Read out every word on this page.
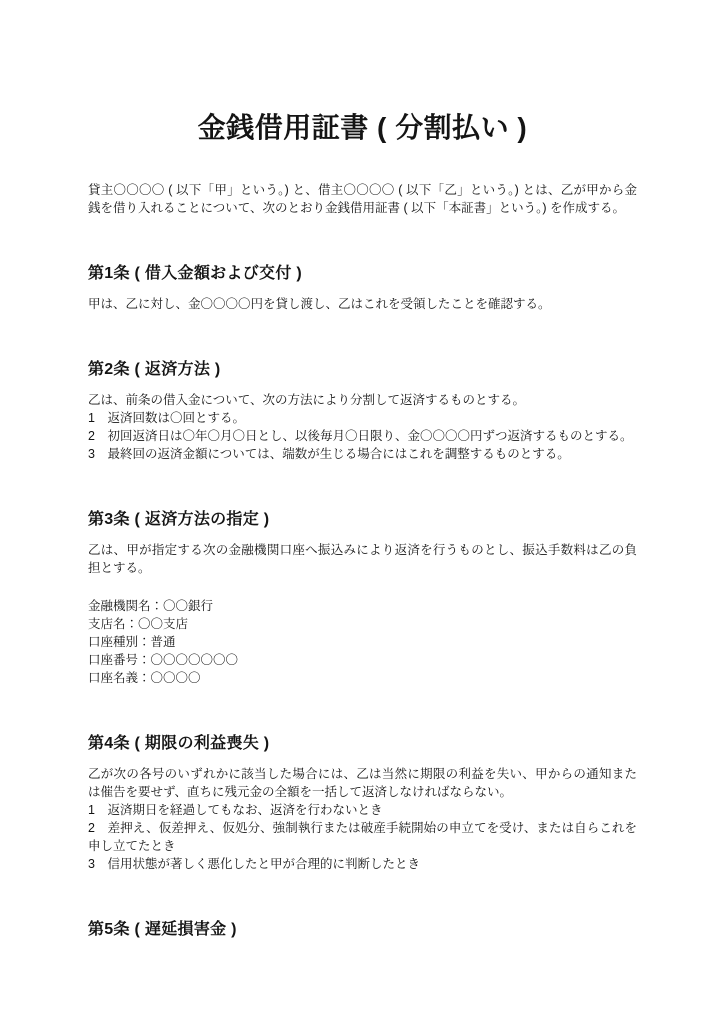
金銭借用証書 ( 分割払い )

貸主〇〇〇〇 ( 以下「甲」という。) と、借主〇〇〇〇 ( 以下「乙」という。) とは、乙が甲から金銭を借り入れることについて、次のとおり金銭借用証書 ( 以下「本証書」という。) を作成する。

第1条 ( 借入金額および交付 )

甲は、乙に対し、金〇〇〇〇円を貸し渡し、乙はこれを受領したことを確認する。

第2条 ( 返済方法 )

乙は、前条の借入金について、次の方法により分割して返済するものとする。

1　返済回数は〇回とする。

2　初回返済日は〇年〇月〇日とし、以後毎月〇日限り、金〇〇〇〇円ずつ返済するものとする。

3　最終回の返済金額については、端数が生じる場合にはこれを調整するものとする。

第3条 ( 返済方法の指定 )

乙は、甲が指定する次の金融機関口座へ振込みにより返済を行うものとし、振込手数料は乙の負担とする。

金融機関名：〇〇銀行

支店名：〇〇支店

口座種別：普通

口座番号：〇〇〇〇〇〇〇

口座名義：〇〇〇〇

第4条 ( 期限の利益喪失 )

乙が次の各号のいずれかに該当した場合には、乙は当然に期限の利益を失い、甲からの通知または催告を要せず、直ちに残元金の全額を一括して返済しなければならない。

1　返済期日を経過してもなお、返済を行わないとき

2　差押え、仮差押え、仮処分、強制執行または破産手続開始の申立てを受け、または自らこれを申し立てたとき

3　信用状態が著しく悪化したと甲が合理的に判断したとき

第5条 ( 遅延損害金 )
